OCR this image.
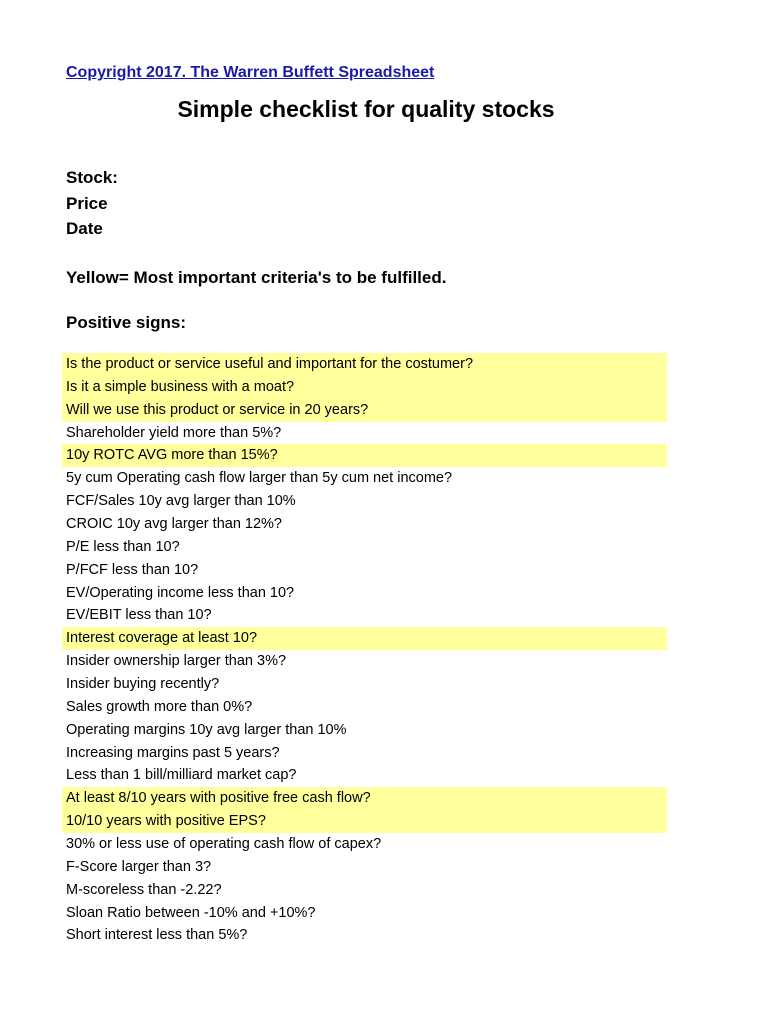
Copyright 2017. The Warren Buffett Spreadsheet
Simple checklist for quality stocks
Stock:
Price
Date
Yellow= Most important criteria's to be fulfilled.
Positive signs:
Is the product or service useful and important for the costumer?
Is it a simple business with a moat?
Will we use this product or service in 20 years?
Shareholder yield more than 5%?
10y ROTC AVG more than 15%?
5y cum Operating cash flow larger than 5y cum net income?
FCF/Sales 10y avg larger than 10%
CROIC 10y avg larger than 12%?
P/E less than 10?
P/FCF less than 10?
EV/Operating income less than 10?
EV/EBIT less than 10?
Interest coverage at least 10?
Insider ownership larger than 3%?
Insider buying recently?
Sales growth more than 0%?
Operating margins 10y avg larger than 10%
Increasing margins past 5 years?
Less than 1 bill/milliard market cap?
At least 8/10 years with positive free cash flow?
10/10 years with positive EPS?
30% or less use of operating cash flow of capex?
F-Score larger than 3?
M-scoreless than -2.22?
Sloan Ratio between -10% and +10%?
Short interest less than 5%?
